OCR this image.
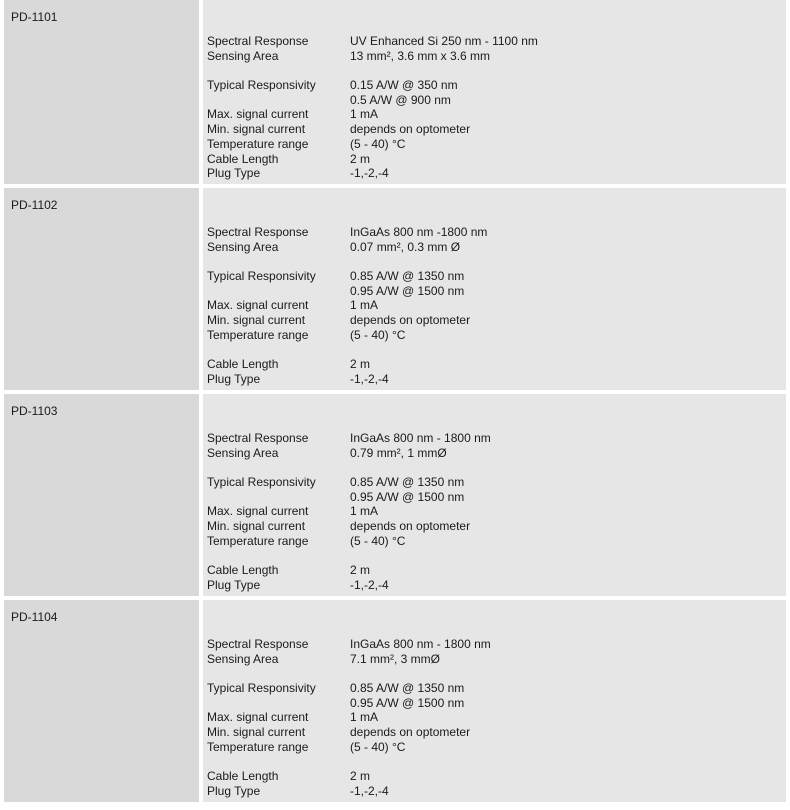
PD-1101
Spectral Response	UV Enhanced Si 250 nm - 1100 nm
Sensing Area	13 mm², 3.6 mm x 3.6 mm
Typical Responsivity	0.15 A/W @ 350 nm
0.5 A/W @ 900 nm
Max. signal current	1 mA
Min. signal current	depends on optometer
Temperature range	(5 - 40) °C
Cable Length	2 m
Plug Type	-1,-2,-4
PD-1102
Spectral Response	InGaAs 800 nm -1800 nm
Sensing Area	0.07 mm², 0.3 mm Ø
Typical Responsivity	0.85 A/W @ 1350 nm
0.95 A/W @ 1500 nm
Max. signal current	1 mA
Min. signal current	depends on optometer
Temperature range	(5 - 40) °C
Cable Length	2 m
Plug Type	-1,-2,-4
PD-1103
Spectral Response	InGaAs 800 nm - 1800 nm
Sensing Area	0.79 mm², 1 mmØ
Typical Responsivity	0.85 A/W @ 1350 nm
0.95 A/W @ 1500 nm
Max. signal current	1 mA
Min. signal current	depends on optometer
Temperature range	(5 - 40) °C
Cable Length	2 m
Plug Type	-1,-2,-4
PD-1104
Spectral Response	InGaAs 800 nm - 1800 nm
Sensing Area	7.1 mm², 3 mmØ
Typical Responsivity	0.85 A/W @ 1350 nm
0.95 A/W @ 1500 nm
Max. signal current	1 mA
Min. signal current	depends on optometer
Temperature range	(5 - 40) °C
Cable Length	2 m
Plug Type	-1,-2,-4
